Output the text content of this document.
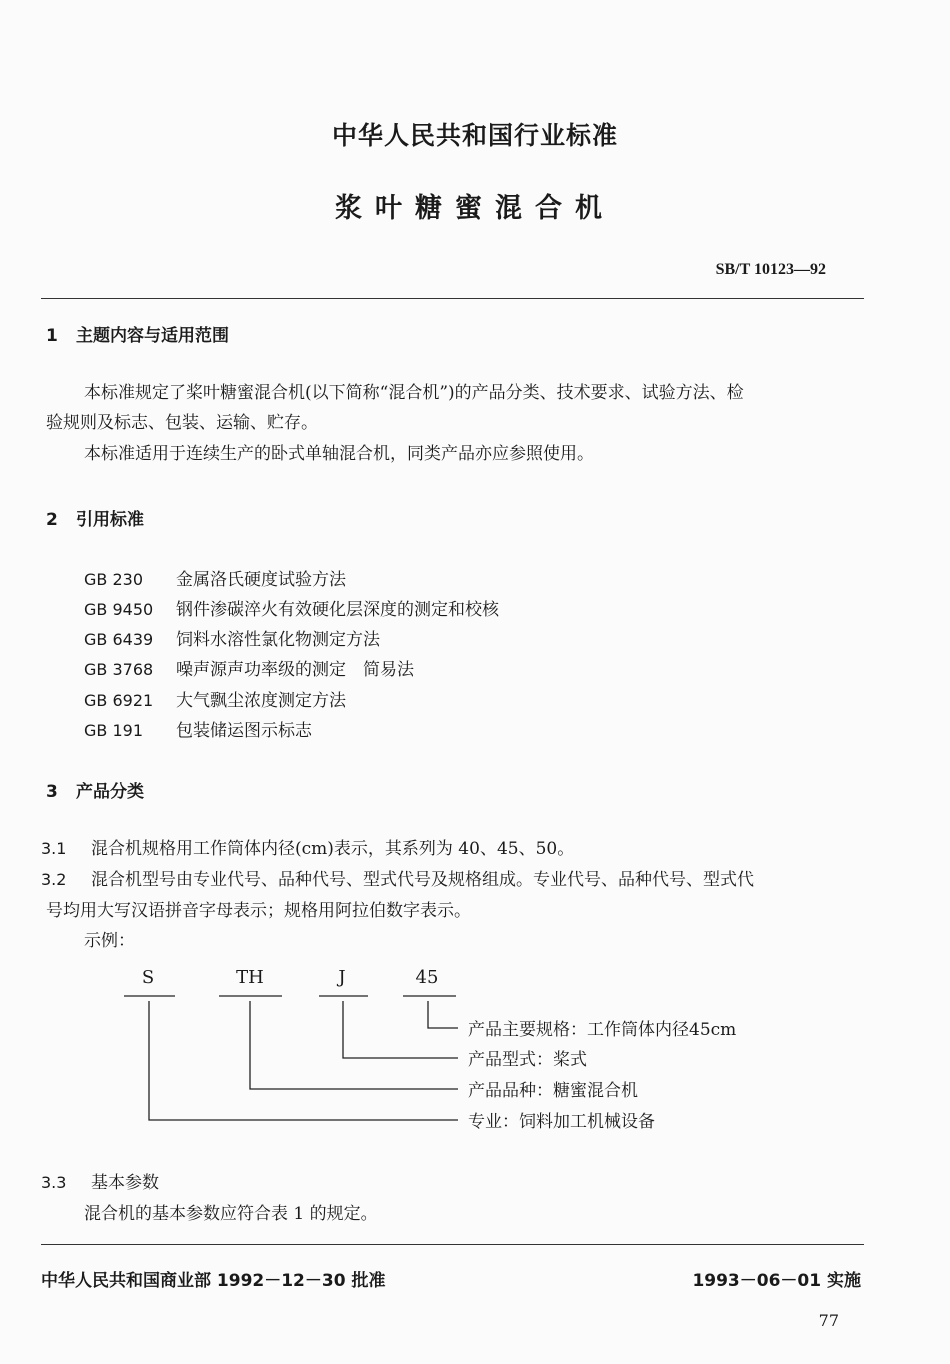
中华人民共和国行业标准
浆叶糖蜜混合机
SB/T 10123—92
1 主题内容与适用范围
本标准规定了桨叶糖蜜混合机(以下简称“混合机”)的产品分类、技术要求、试验方法、检
验规则及标志、包装、运输、贮存。
本标准适用于连续生产的卧式单轴混合机，同类产品亦应参照使用。
2 引用标准
GB 230 金属洛氏硬度试验方法
GB 9450 钢件渗碳淬火有效硬化层深度的测定和校核
GB 6439 饲料水溶性氯化物测定方法
GB 3768 噪声源声功率级的测定　简易法
GB 6921 大气飘尘浓度测定方法
GB 191 包装储运图示标志
3 产品分类
3.1 混合机规格用工作筒体内径(cm)表示，其系列为 40、45、50。
3.2 混合机型号由专业代号、品种代号、型式代号及规格组成。专业代号、品种代号、型式代
号均用大写汉语拼音字母表示；规格用阿拉伯数字表示。
示例：
S	TH	J	45
产品主要规格：工作筒体内径45cm
产品型式：桨式
产品品种：糖蜜混合机
专业：饲料加工机械设备
3.3 基本参数
混合机的基本参数应符合表 1 的规定。
中华人民共和国商业部 1992－12－30 批准	1993－06－01 实施
77
